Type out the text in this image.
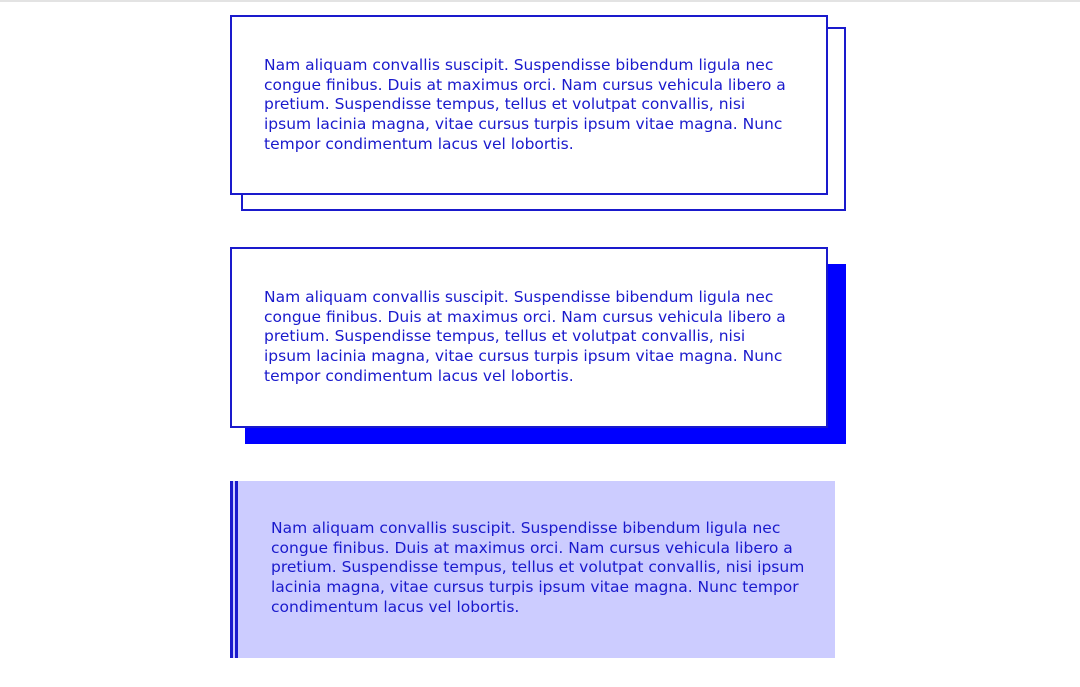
Nam aliquam convallis suscipit. Suspendisse bibendum ligula nec congue finibus. Duis at maximus orci. Nam cursus vehicula libero a pretium. Suspendisse tempus, tellus et volutpat convallis, nisi ipsum lacinia magna, vitae cursus turpis ipsum vitae magna. Nunc tempor condimentum lacus vel lobortis.

Nam aliquam convallis suscipit. Suspendisse bibendum ligula nec congue finibus. Duis at maximus orci. Nam cursus vehicula libero a pretium. Suspendisse tempus, tellus et volutpat convallis, nisi ipsum lacinia magna, vitae cursus turpis ipsum vitae magna. Nunc tempor condimentum lacus vel lobortis.

Nam aliquam convallis suscipit. Suspendisse bibendum ligula nec congue finibus. Duis at maximus orci. Nam cursus vehicula libero a pretium. Suspendisse tempus, tellus et volutpat convallis, nisi ipsum lacinia magna, vitae cursus turpis ipsum vitae magna. Nunc tempor condimentum lacus vel lobortis.
